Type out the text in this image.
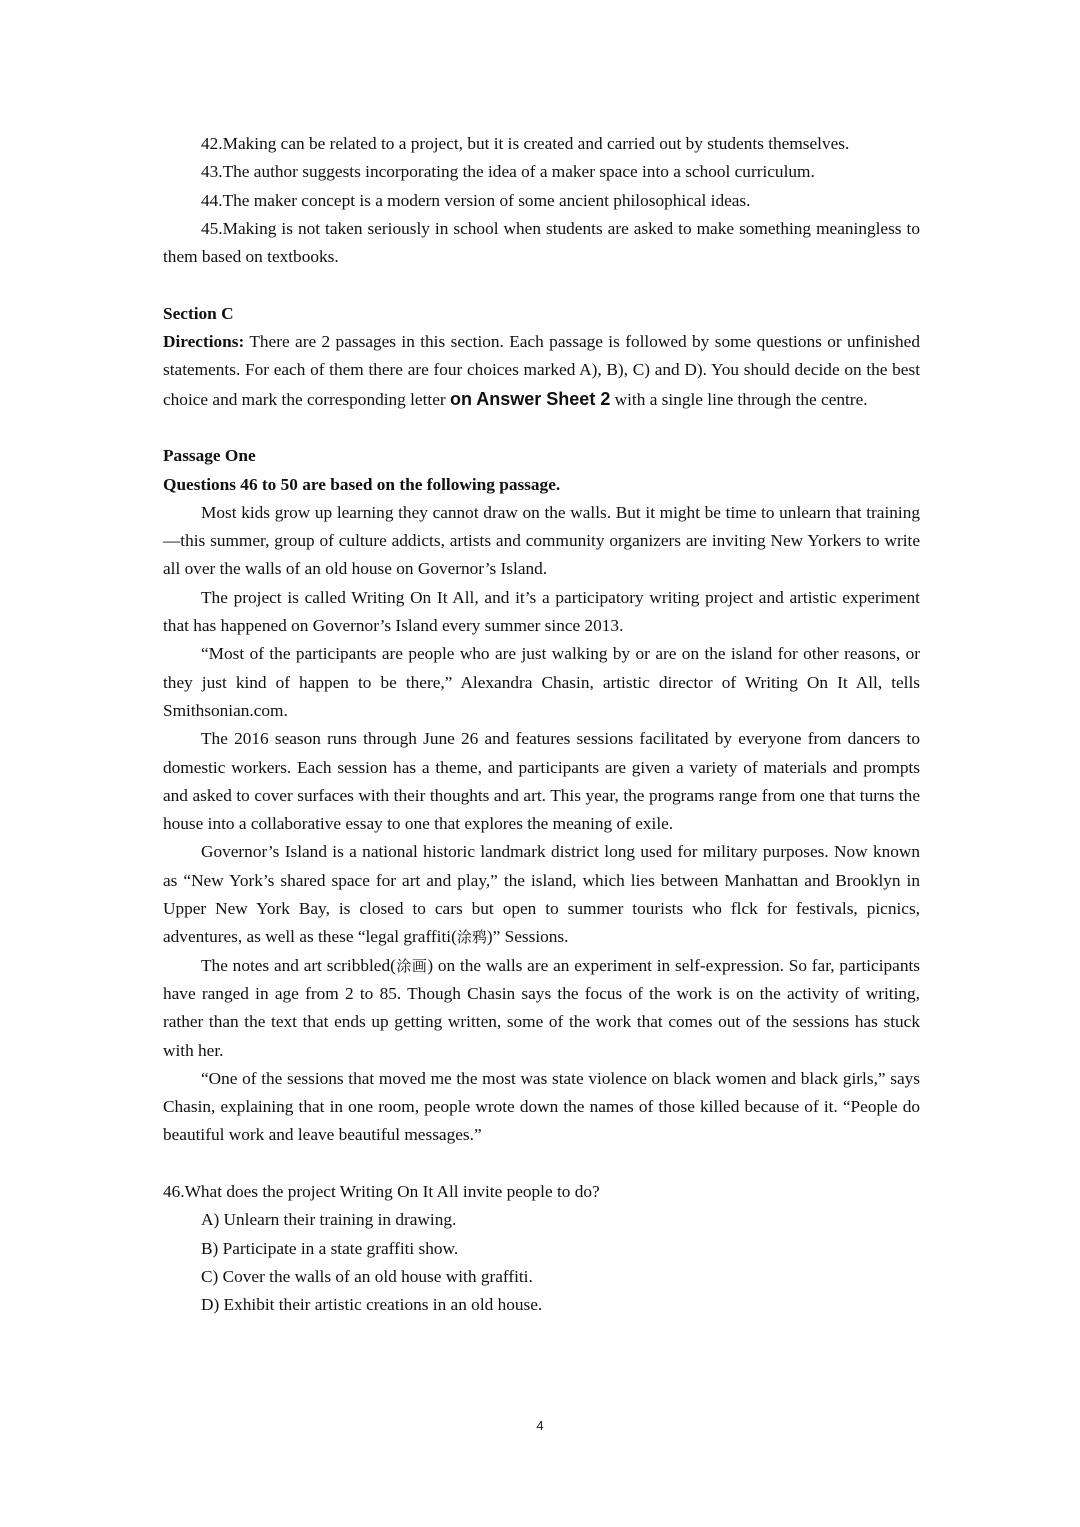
42.Making can be related to a project, but it is created and carried out by students themselves.

43.The author suggests incorporating the idea of a maker space into a school curriculum.

44.The maker concept is a modern version of some ancient philosophical ideas.

45.Making is not taken seriously in school when students are asked to make something meaningless to them based on textbooks.

Section C

Directions: There are 2 passages in this section. Each passage is followed by some questions or unfinished statements. For each of them there are four choices marked A), B), C) and D). You should decide on the best choice and mark the corresponding letter on Answer Sheet 2 with a single line through the centre.

Passage One

Questions 46 to 50 are based on the following passage.

Most kids grow up learning they cannot draw on the walls. But it might be time to unlearn that training—this summer, group of culture addicts, artists and community organizers are inviting New Yorkers to write all over the walls of an old house on Governor’s Island.

The project is called Writing On It All, and it’s a participatory writing project and artistic experiment that has happened on Governor’s Island every summer since 2013.

“Most of the participants are people who are just walking by or are on the island for other reasons, or they just kind of happen to be there,” Alexandra Chasin, artistic director of Writing On It All, tells Smithsonian.com.

The 2016 season runs through June 26 and features sessions facilitated by everyone from dancers to domestic workers. Each session has a theme, and participants are given a variety of materials and prompts and asked to cover surfaces with their thoughts and art. This year, the programs range from one that turns the house into a collaborative essay to one that explores the meaning of exile.

Governor’s Island is a national historic landmark district long used for military purposes. Now known as “New York’s shared space for art and play,” the island, which lies between Manhattan and Brooklyn in Upper New York Bay, is closed to cars but open to summer tourists who flck for festivals, picnics, adventures, as well as these “legal graffiti(涂鸦)” Sessions.

The notes and art scribbled(涂画) on the walls are an experiment in self-expression. So far, participants have ranged in age from 2 to 85. Though Chasin says the focus of the work is on the activity of writing, rather than the text that ends up getting written, some of the work that comes out of the sessions has stuck with her.

“One of the sessions that moved me the most was state violence on black women and black girls,” says Chasin, explaining that in one room, people wrote down the names of those killed because of it. “People do beautiful work and leave beautiful messages.”

46.What does the project Writing On It All invite people to do?

A) Unlearn their training in drawing.

B) Participate in a state graffiti show.

C) Cover the walls of an old house with graffiti.

D) Exhibit their artistic creations in an old house.

4
